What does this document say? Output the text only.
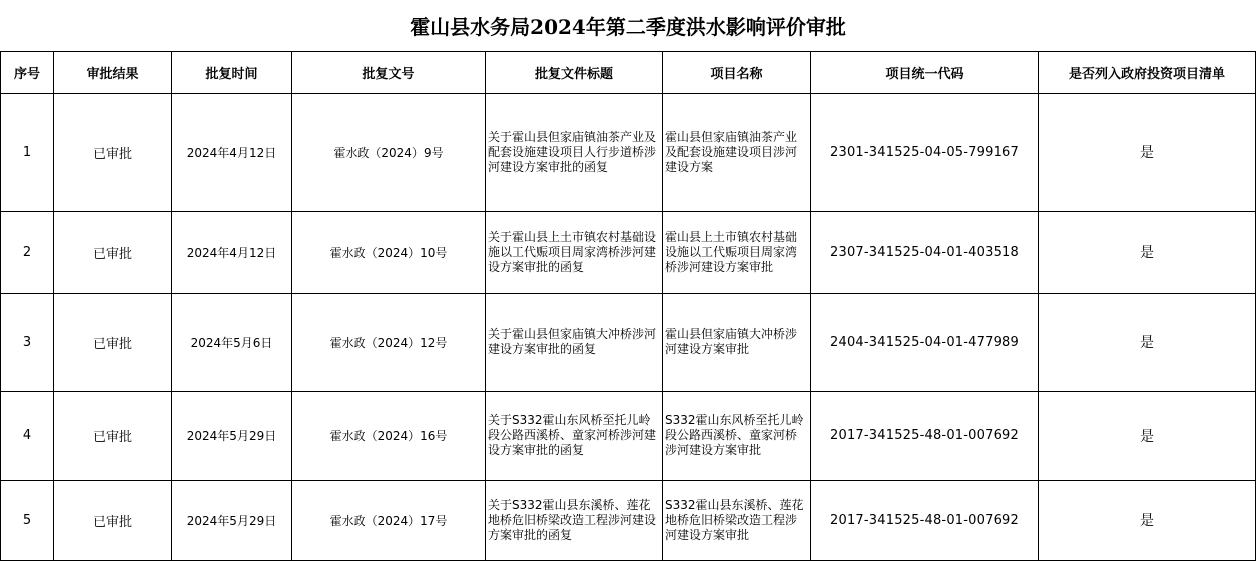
霍山县水务局2024年第二季度洪水影响评价审批							
序号	审批结果	批复时间	批复文号	批复文件标题	项目名称	项目统一代码	是否列入政府投资项目清单
1	已审批	2024年4月12日	霍水政（2024）9号	关于霍山县但家庙镇油茶产业及配套设施建设项目人行步道桥涉河建设方案审批的函复	霍山县但家庙镇油茶产业及配套设施建设项目涉河建设方案	2301-341525-04-05-799167	是
2	已审批	2024年4月12日	霍水政（2024）10号	关于霍山县上土市镇农村基础设施以工代赈项目周家湾桥涉河建设方案审批的函复	霍山县上土市镇农村基础设施以工代赈项目周家湾桥涉河建设方案审批	2307-341525-04-01-403518	是
3	已审批	2024年5月6日	霍水政（2024）12号	关于霍山县但家庙镇大冲桥涉河建设方案审批的函复	霍山县但家庙镇大冲桥涉河建设方案审批	2404-341525-04-01-477989	是
4	已审批	2024年5月29日	霍水政（2024）16号	关于S332霍山东风桥至托儿岭段公路西溪桥、童家河桥涉河建设方案审批的函复	S332霍山东风桥至托儿岭段公路西溪桥、童家河桥涉河建设方案审批	2017-341525-48-01-007692	是
5	已审批	2024年5月29日	霍水政（2024）17号	关于S332霍山县东溪桥、莲花地桥危旧桥梁改造工程涉河建设方案审批的函复	S332霍山县东溪桥、莲花地桥危旧桥梁改造工程涉河建设方案审批	2017-341525-48-01-007692	是
